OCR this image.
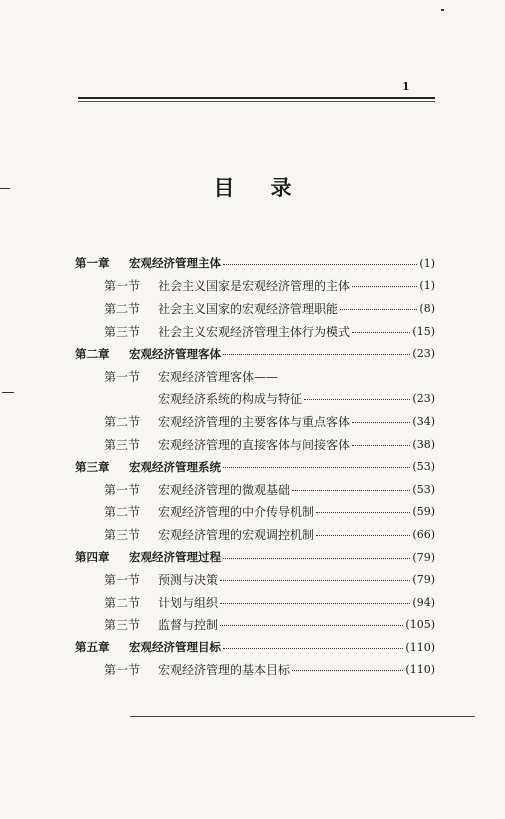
1
目录
第一章	宏观经济管理主体	(1)
第一节	社会主义国家是宏观经济管理的主体	(1)
第二节	社会主义国家的宏观经济管理职能	(8)
第三节	社会主义宏观经济管理主体行为模式	(15)
第二章	宏观经济管理客体	(23)
第一节	宏观经济管理客体——
宏观经济系统的构成与特征	(23)
第二节	宏观经济管理的主要客体与重点客体	(34)
第三节	宏观经济管理的直接客体与间接客体	(38)
第三章	宏观经济管理系统	(53)
第一节	宏观经济管理的微观基础	(53)
第二节	宏观经济管理的中介传导机制	(59)
第三节	宏观经济管理的宏观调控机制	(66)
第四章	宏观经济管理过程	(79)
第一节	预测与决策	(79)
第二节	计划与组织	(94)
第三节	监督与控制	(105)
第五章	宏观经济管理目标	(110)
第一节	宏观经济管理的基本目标	(110)
